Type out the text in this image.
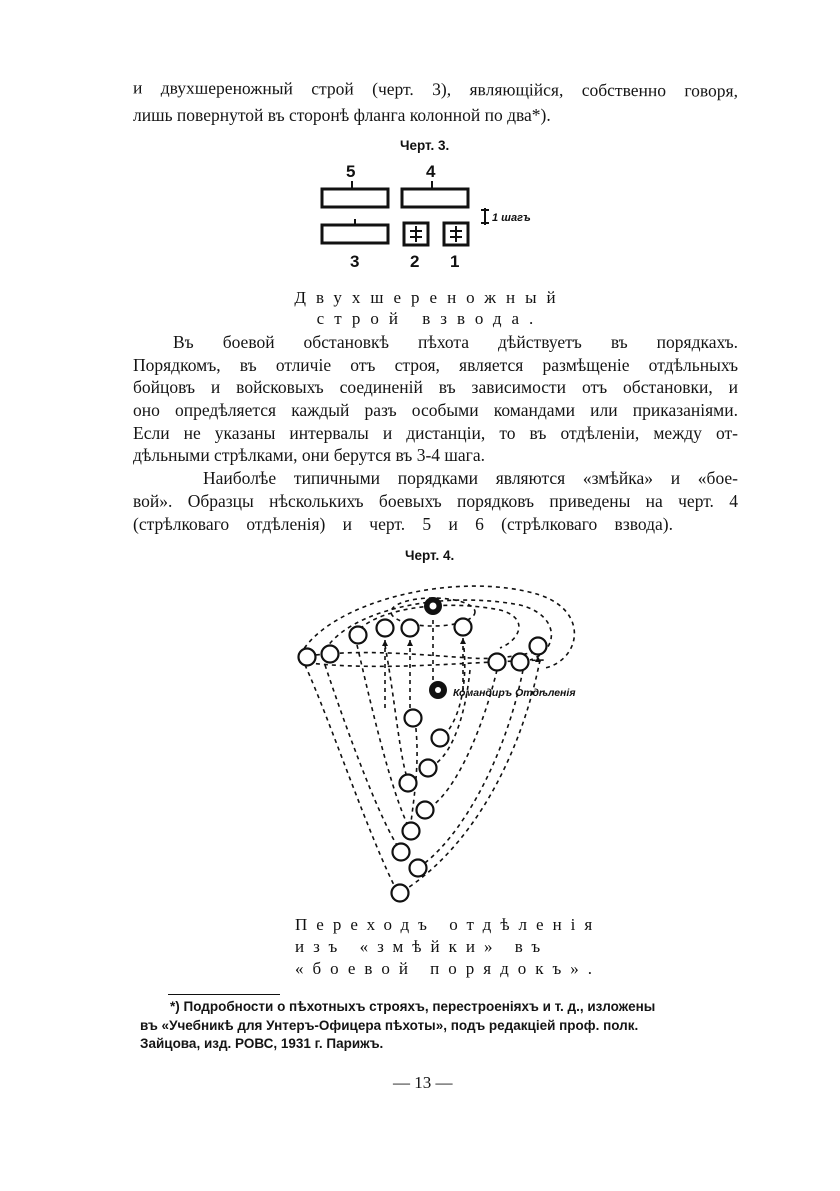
и двухшереножный строй (черт. 3), являющійся, собственно говоря,
лишь повернутой въ сторонѣ фланга колонной по два*).
Черт. 3.
5	4
1 шагъ
3	2 1
Двухшереножный
строй взвода.
Въ боевой обстановкѣ пѣхота дѣйствуетъ въ порядкахъ.
Порядкомъ, въ отличіе отъ строя, является размѣщеніе отдѣльныхъ
бойцовъ и войсковыхъ соединеній въ зависимости отъ обстановки, и
оно опредѣляется каждый разъ особыми командами или приказаніями.
Если не указаны интервалы и дистанціи, то въ отдѣленіи, между от-
дѣльными стрѣлками, они берутся въ 3-4 шага.
Наиболѣе типичными порядками являются «змѣйка» и «бое-
вой». Образцы нѣсколькихъ боевыхъ порядковъ приведены на черт. 4
(стрѣлковаго отдѣленія) и черт. 5 и 6 (стрѣлковаго взвода).
Черт. 4.
Командиръ Отдѣленія
Переходъ отдѣленія
изъ «змѣйки» въ
«боевой порядокъ».
*) Подробности о пѣхотныхъ строяхъ, перестроеніяхъ и т. д., изложены
въ «Учебникѣ для Унтеръ-Офицера пѣхоты», подъ редакціей проф. полк.
Зайцова, изд. РОВС, 1931 г. Парижъ.
— 13 —
